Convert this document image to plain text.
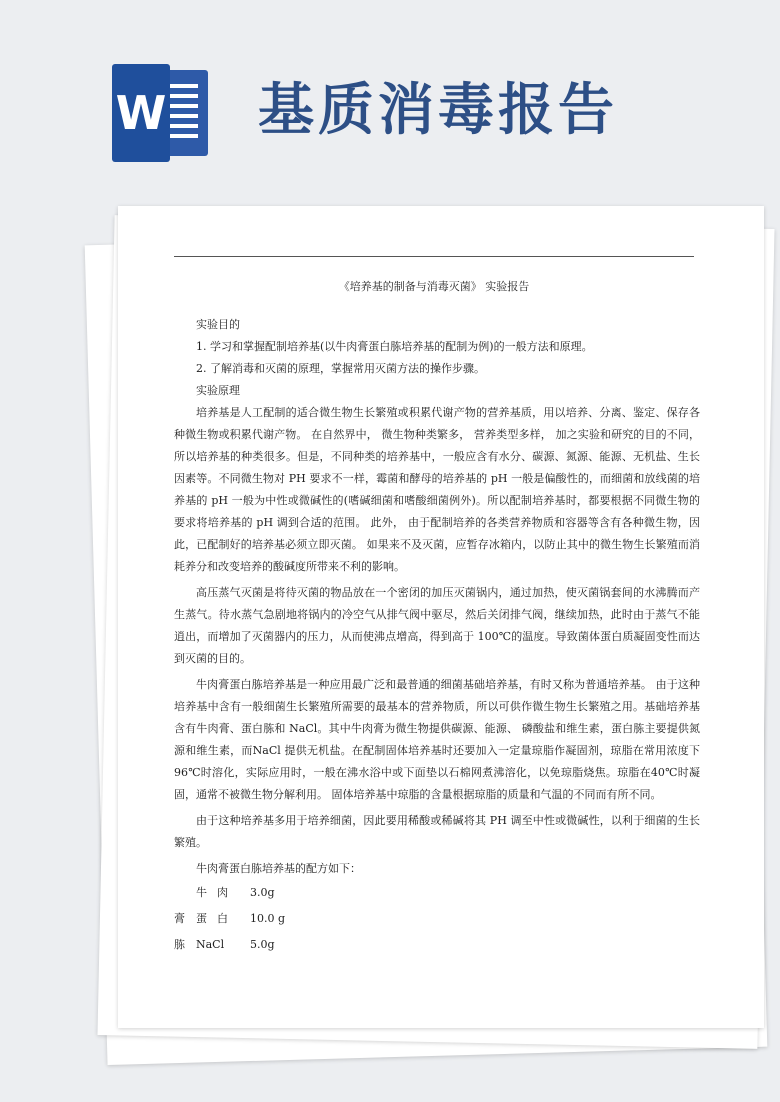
W 基质消毒报告
《培养基的制备与消毒灭菌》 实验报告

实验目的

1. 学习和掌握配制培养基(以牛肉膏蛋白胨培养基的配制为例)的一般方法和原理。

2. 了解消毒和灭菌的原理，掌握常用灭菌方法的操作步骤。

实验原理

培养基是人工配制的适合微生物生长繁殖或积累代谢产物的营养基质，用以培养、分离、鉴定、保存各种微生物或积累代谢产物。 在自然界中， 微生物种类繁多， 营养类型多样， 加之实验和研究的目的不同，所以培养基的种类很多。但是，不同种类的培养基中，一般应含有水分、碳源、氮源、能源、无机盐、生长因素等。不同微生物对 PH 要求不一样，霉菌和酵母的培养基的 pH 一般是偏酸性的，而细菌和放线菌的培养基的 pH 一般为中性或微碱性的(嗜碱细菌和嗜酸细菌例外)。所以配制培养基时，都要根据不同微生物的要求将培养基的 pH 调到合适的范围。 此外， 由于配制培养的各类营养物质和容器等含有各种微生物，因此，已配制好的培养基必须立即灭菌。 如果来不及灭菌，应暂存冰箱内，以防止其中的微生物生长繁殖而消耗养分和改变培养的酸碱度所带来不利的影响。

高压蒸气灭菌是将待灭菌的物品放在一个密闭的加压灭菌锅内，通过加热，使灭菌锅套间的水沸腾而产生蒸气。待水蒸气急剧地将锅内的冷空气从排气阀中驱尽，然后关闭排气阀，继续加热，此时由于蒸气不能逍出，而增加了灭菌器内的压力，从而使沸点增高，得到高于 100℃的温度。导致菌体蛋白质凝固变性而达到灭菌的目的。

牛肉膏蛋白胨培养基是一种应用最广泛和最普通的细菌基础培养基，有时又称为普通培养基。 由于这种培养基中含有一般细菌生长繁殖所需要的最基本的营养物质，所以可供作微生物生长繁殖之用。基础培养基含有牛肉膏、蛋白胨和 NaCl。其中牛肉膏为微生物提供碳源、能源、 磷酸盐和维生素，蛋白胨主要提供氮源和维生素，而NaCl 提供无机盐。在配制固体培养基时还要加入一定量琼脂作凝固剂，琼脂在常用浓度下 96℃时溶化，实际应用时，一般在沸水浴中或下面垫以石棉网煮沸溶化，以免琼脂烧焦。琼脂在40℃时凝固，通常不被微生物分解利用。 固体培养基中琼脂的含量根据琼脂的质量和气温的不同而有所不同。

由于这种培养基多用于培养细菌，因此要用稀酸或稀碱将其 PH 调至中性或微碱性，以利于细菌的生长繁殖。

牛肉膏蛋白胨培养基的配方如下：

牛肉膏
3.0g
蛋白胨
10.0 g
NaCl	5.0g
